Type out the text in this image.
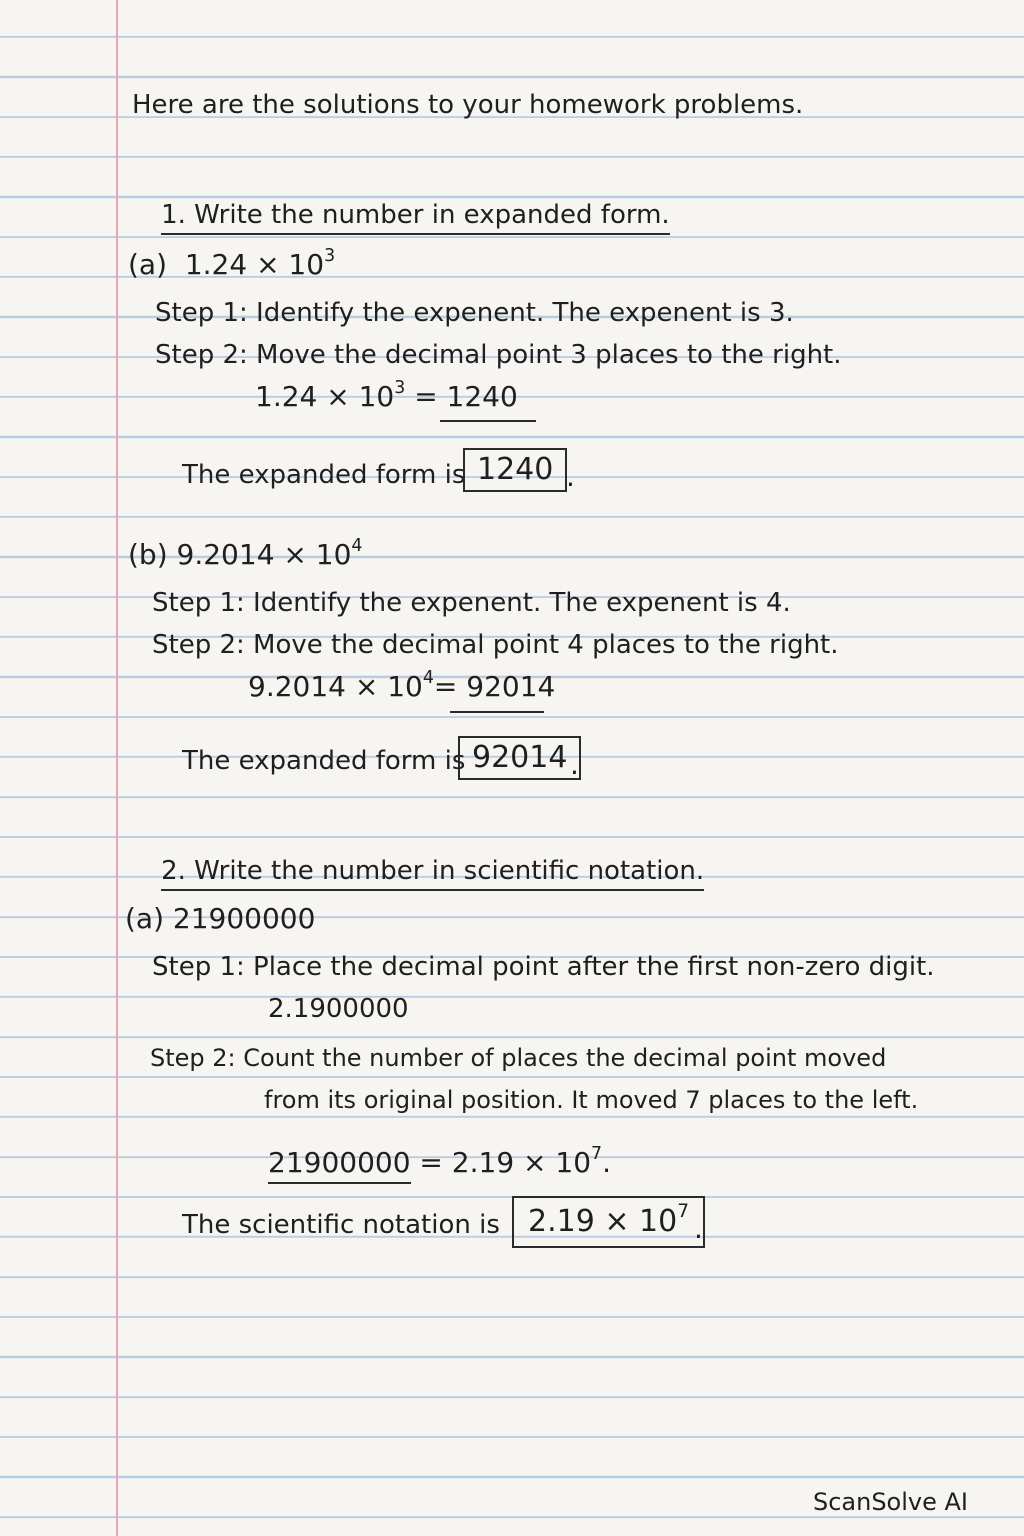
Here are the solutions to your homework problems.

1. Write the number in expanded form.

(a) $1.24 \times 10^3$
Step 1: Identify the expenent. The expenent is 3.
Step 2: Move the decimal point 3 places to the right.
$1.24 \times 10^3 = 1240$
The expanded form is 1240 .
(b) $9.2014 \times 10^4$
Step 1: Identify the expenent. The expenent is 4.
Step 2: Move the decimal point 4 places to the right.
$9.2014 \times 10^4= 92014$
The expanded form is 92014 .

2. Write the number in scientific notation.

(a) 21900000
Step 1: Place the decimal point after the first non-zero digit.
2.1900000
Step 2: Count the number of places the decimal point moved
from its original position. It moved 7 places to the left.
$21900000 = 2.19 \times 10^7$.
The scientific notation is $2.19 \times 10^7$
.
ScanSolve AI
